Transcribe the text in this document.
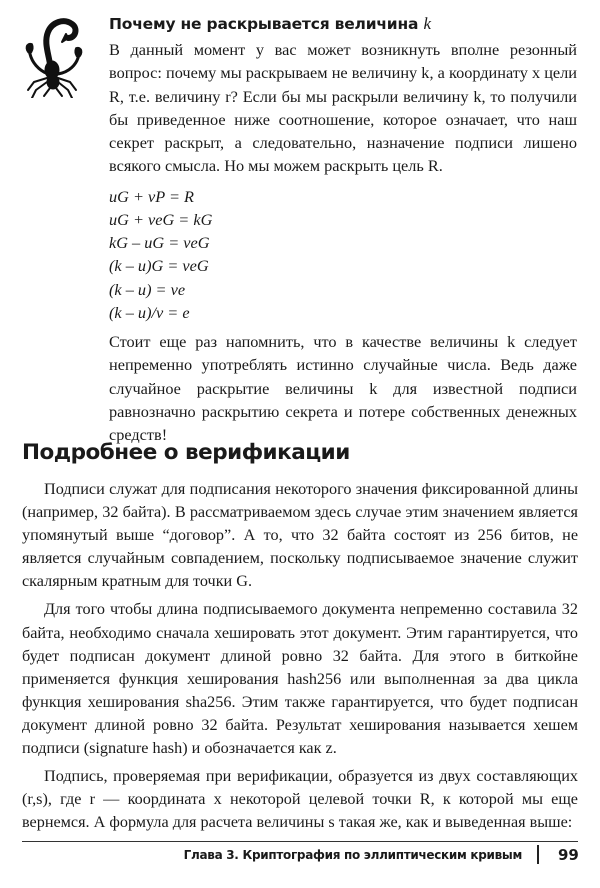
Почему не раскрывается величина k

В данный момент у вас может возникнуть вполне резонный вопрос: почему мы раскрываем не величину k, а координату x цели R, т.е. величину r? Если бы мы раскрыли величину k, то получили бы приведенное ниже соотношение, которое означает, что наш секрет раскрыт, а следовательно, назначение подписи лишено всякого смысла. Но мы можем раскрыть цель R.

uG + vP = R
uG + veG = kG
kG – uG = veG
(k – u)G = veG
(k – u) = ve
(k – u)/v = e

Стоит еще раз напомнить, что в качестве величины k следует непременно употреблять истинно случайные числа. Ведь даже случайное раскрытие величины k для известной подписи равнозначно раскрытию секрета и потере собственных денежных средств!

Подробнее о верификации

Подписи служат для подписания некоторого значения фиксированной длины (например, 32 байта). В рассматриваемом здесь случае этим значением является упомянутый выше “договор”. А то, что 32 байта состоят из 256 битов, не является случайным совпадением, поскольку подписываемое значение служит скалярным кратным для точки G.

Для того чтобы длина подписываемого документа непременно составила 32 байта, необходимо сначала хешировать этот документ. Этим гарантируется, что будет подписан документ длиной ровно 32 байта. Для этого в биткойне применяется функция хеширования hash256 или выполненная за два цикла функция хеширования sha256. Этим также гарантируется, что будет подписан документ длиной ровно 32 байта. Результат хеширования называется хешем подписи (signature hash) и обозначается как z.

Подпись, проверяемая при верификации, образуется из двух составляющих (r,s), где r — координата x некоторой целевой точки R, к которой мы еще вернемся. А формула для расчета величины s такая же, как и выведенная выше:

Глава 3. Криптография по эллиптическим кривым 99
